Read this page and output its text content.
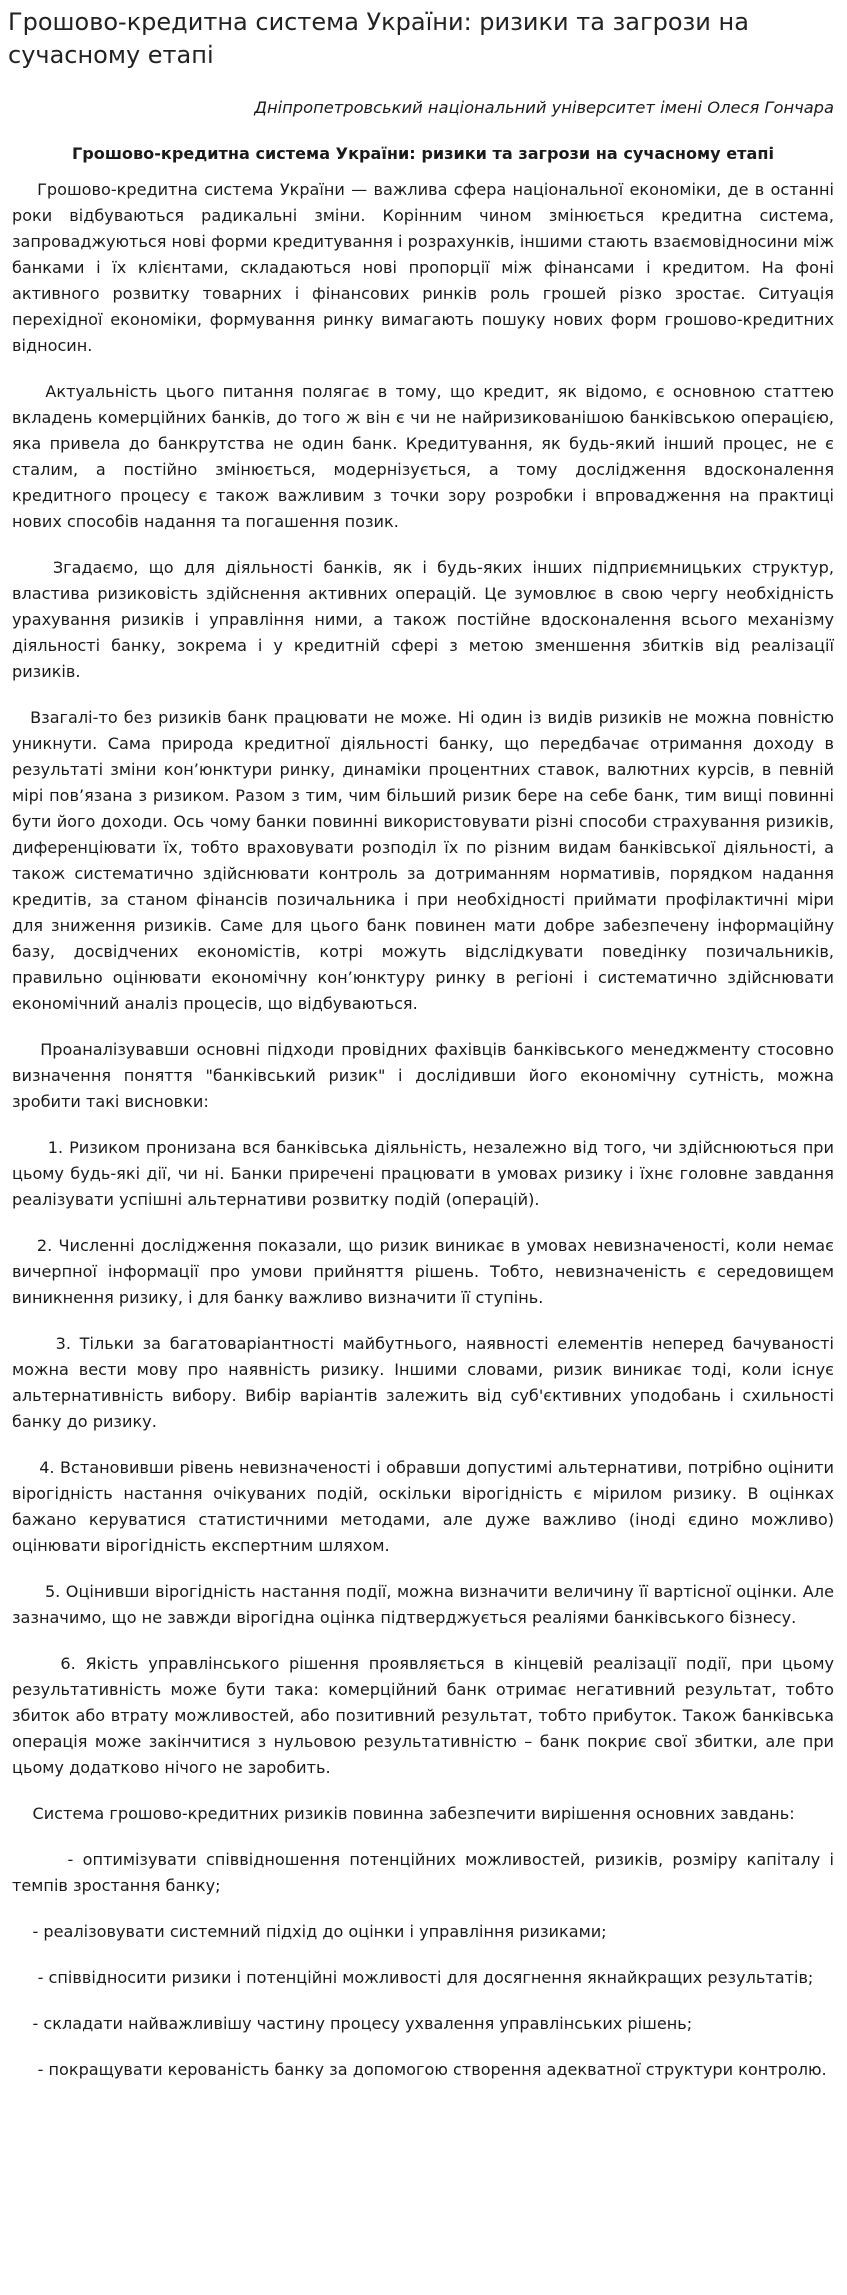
Грошово-кредитна система України: ризики та загрози на сучасному етапі

Дніпропетровський національний університет імені Олеся Гончара

Грошово-кредитна система України: ризики та загрози на сучасному етапі

Грошово-кредитна система України — важлива сфера національної економіки, де в останні роки відбуваються радикальні зміни. Корінним чином змінюється кредитна система, запроваджуються нові форми кредитування і розрахунків, іншими стають взаємовідносини між банками і їх клієнтами, складаються нові пропорції між фінансами і кредитом. На фоні активного розвитку товарних і фінансових ринків роль грошей різко зростає. Ситуація перехідної економіки, формування ринку вимагають пошуку нових форм грошово-кредитних відносин.

Актуальність цього питання полягає в тому, що кредит, як відомо, є основною статтею вкладень комерційних банків, до того ж він є чи не найризикованішою банківською операцією, яка привела до банкрутства не один банк. Кредитування, як будь-який інший процес, не є сталим, а постійно змінюється, модернізується, а тому дослідження вдосконалення кредитного процесу є також важливим з точки зору розробки і впровадження на практиці нових способів надання та погашення позик.

Згадаємо, що для діяльності банків, як і будь-яких інших підприємницьких структур, властива ризиковість здійснення активних операцій. Це зумовлює в свою чергу необхідність урахування ризиків і управління ними, а також постійне вдосконалення всього механізму діяльності банку, зокрема і у кредитній сфері з метою зменшення збитків від реалізації ризиків.

Взагалі-то без ризиків банк працювати не може. Ні один із видів ризиків не можна повністю уникнути. Сама природа кредитної діяльності банку, що передбачає отримання доходу в результаті зміни кон’юнктури ринку, динаміки процентних ставок, валютних курсів, в певній мірі пов’язана з ризиком. Разом з тим, чим більший ризик бере на себе банк, тим вищі повинні бути його доходи. Ось чому банки повинні використовувати різні способи страхування ризиків, диференціювати їх, тобто враховувати розподіл їх по різним видам банківської діяльності, а також систематично здійснювати контроль за дотриманням нормативів, порядком надання кредитів, за станом фінансів позичальника і при необхідності приймати профілактичні міри для зниження ризиків. Саме для цього банк повинен мати добре забезпечену інформаційну базу, досвідчених економістів, котрі можуть відслідкувати поведінку позичальників, правильно оцінювати економічну кон’юнктуру ринку в регіоні і систематично здійснювати економічний аналіз процесів, що відбуваються.

Проаналізувавши основні підходи провідних фахівців банківського менеджменту стосовно визначення поняття "банківський ризик" і дослідивши його економічну сутність, можна зробити такі висновки:

1. Ризиком пронизана вся банківська діяльність, незалежно від того, чи здійснюються при цьому будь-які дії, чи ні. Банки приречені працювати в умовах ризику і їхнє головне завдання реалізувати успішні альтернативи розвитку подій (операцій).

2. Численні дослідження показали, що ризик виникає в умовах невизначеності, коли немає вичерпної інформації про умови прийняття рішень. Тобто, невизначеність є середовищем виникнення ризику, і для банку важливо визначити її ступінь.

3. Тільки за багатоваріантності майбутнього, наявності елементів неперед бачуваності можна вести мову про наявність ризику. Іншими словами, ризик виникає тоді, коли існує альтернативність вибору. Вибір варіантів залежить від суб'єктивних уподобань і схильності банку до ризику.

4. Встановивши рівень невизначеності і обравши допустимі альтернативи, потрібно оцінити вірогідність настання очікуваних подій, оскільки вірогідність є мірилом ризику. В оцінках бажано керуватися статистичними методами, але дуже важливо (іноді єдино можливо) оцінювати вірогідність експертним шляхом.

5. Оцінивши вірогідність настання події, можна визначити величину її вартісної оцінки. Але зазначимо, що не завжди вірогідна оцінка підтверджується реаліями банківського бізнесу.

6. Якість управлінського рішення проявляється в кінцевій реалізації події, при цьому результативність може бути така: комерційний банк отримає негативний результат, тобто збиток або втрату можливостей, або позитивний результат, тобто прибуток. Також банківська операція може закінчитися з нульовою результативністю – банк покриє свої збитки, але при цьому додатково нічого не заробить.

Система грошово-кредитних ризиків повинна забезпечити вирішення основних завдань:

- оптимізувати співвідношення потенційних можливостей, ризиків, розміру капіталу і темпів зростання банку;

- реалізовувати системний підхід до оцінки і управління ризиками;

- співвідносити ризики і потенційні можливості для досягнення якнайкращих результатів;

- складати найважливішу частину процесу ухвалення управлінських рішень;

- покращувати керованість банку за допомогою створення адекватної структури контролю.
